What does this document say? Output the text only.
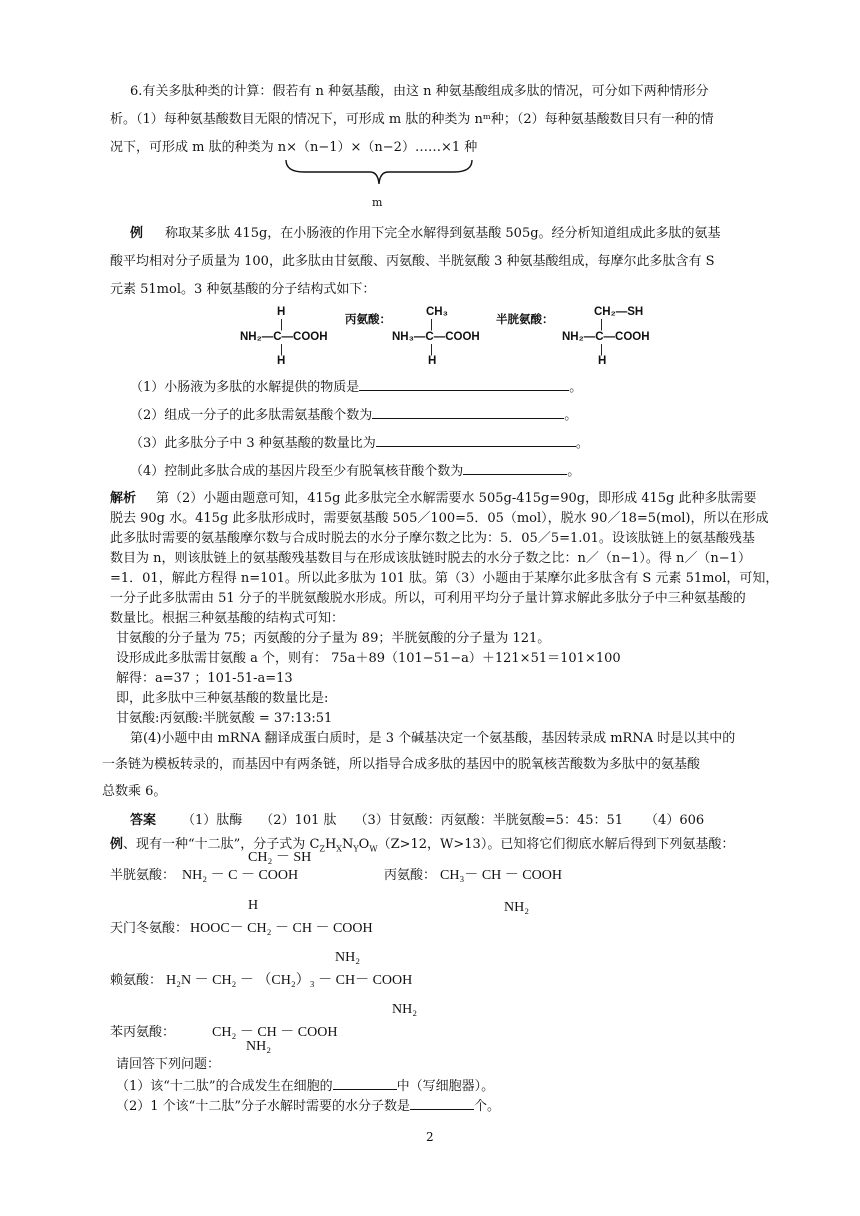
6.有关多肽种类的计算：假若有 n 种氨基酸，由这 n 种氨基酸组成多肽的情况，可分如下两种情形分
析。（1）每种氨基酸数目无限的情况下，可形成 m 肽的种类为 nᵐ种；（2）每种氨基酸数目只有一种的情
况下，可形成 m 肽的种类为 n×（n−1）×（n−2）……×1 种
m
例 称取某多肽 415g，在小肠液的作用下完全水解得到氨基酸 505g。经分析知道组成此多肽的氨基
酸平均相对分子质量为 100，此多肽由甘氨酸、丙氨酸、半胱氨酸 3 种氨基酸组成，每摩尔此多肽含有 S
元素 51mol。3 种氨基酸的分子结构式如下：
H
|
NH₂—C—COOH
|
H
丙氨酸：
CH₃
|
NH₃—C—COOH
|
H
半胱氨酸：
CH₂—SH
|
NH₂—C—COOH
|
H
（1）小肠液为多肽的水解提供的物质是	。
（2）组成一分子的此多肽需氨基酸个数为	。
（3）此多肽分子中 3 种氨基酸的数量比为	。
（4）控制此多肽合成的基因片段至少有脱氧核苷酸个数为	。
解析 第（2）小题由题意可知，415g 此多肽完全水解需要水 505g-415g=90g，即形成 415g 此种多肽需要
脱去 90g 水。415g 此多肽形成时，需要氨基酸 505／100=5．05（mol），脱水 90／18=5(mol)，所以在形成
此多肽时需要的氨基酸摩尔数与合成时脱去的水分子摩尔数之比为：5．05／5=1.01。设该肽链上的氨基酸残基
数目为 n，则该肽链上的氨基酸残基数目与在形成该肽链时脱去的水分子数之比：n／（n−1）。得 n／（n−1）
=1．01，解此方程得 n=101。所以此多肽为 101 肽。第（3）小题由于某摩尔此多肽含有 S 元素 51mol，可知，
一分子此多肽需由 51 分子的半胱氨酸脱水形成。所以，可利用平均分子量计算求解此多肽分子中三种氨基酸的
数量比。根据三种氨基酸的结构式可知：
甘氨酸的分子量为 75；丙氨酸的分子量为 89；半胱氨酸的分子量为 121。
设形成此多肽需甘氨酸 a 个，则有： 75a＋89（101−51−a）＋121×51＝101×100
解得：a=37 ；101-51-a=13
即，此多肽中三种氨基酸的数量比是:
甘氨酸:丙氨酸:半胱氨酸 = 37:13:51
第(4)小题中由 mRNA 翻译成蛋白质时，是 3 个碱基决定一个氨基酸，基因转录成 mRNA 时是以其中的
一条链为模板转录的，而基因中有两条链，所以指导合成多肽的基因中的脱氧核苦酸数为多肽中的氨基酸
总数乘 6。
答案 （1）肽酶 （2）101 肽 （3）甘氨酸：丙氨酸：半胱氨酸=5：45：51 （4）606
例、现有一种“十二肽”，分子式为 $C_ZH_XN_YO_W(Z>12$，W>13）。已知将它们彻底水解后得到下列氨基酸：
CH₂ － SH
半胱氨酸： NH₂ － C － COOH	丙氨酸： CH₃－ CH － COOH
H	NH₂
天门冬氨酸： HOOC－ CH₂ － CH － COOH
NH₂
赖氨酸： H₂N － CH₂ － （CH₂）₃ － CH－ COOH
NH₂
苯丙氨酸：	CH₂ － CH － COOH
NH₂
请回答下列问题：
（1）该“十二肽”的合成发生在细胞的	中（写细胞器）。
（2）1 个该“十二肽”分子水解时需要的水分子数是	个。
2
